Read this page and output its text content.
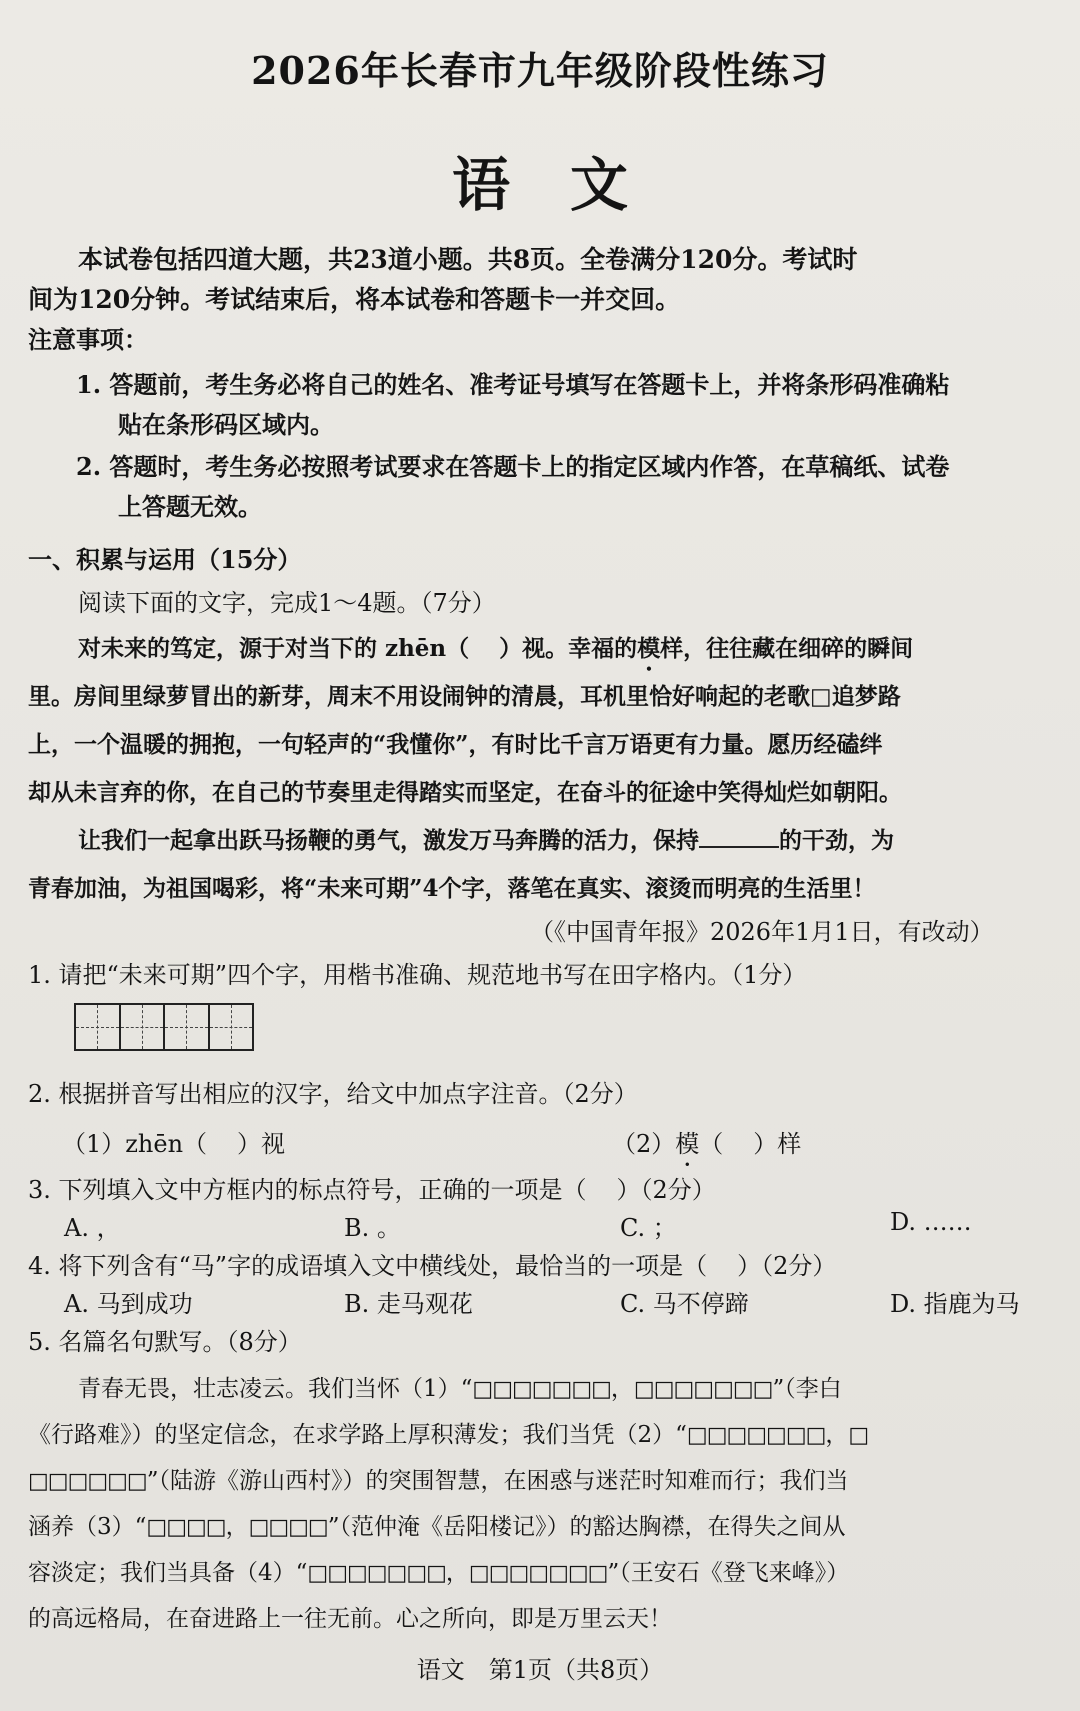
2026年长春市九年级阶段性练习
语文
本试卷包括四道大题，共23道小题。共8页。全卷满分120分。考试时
间为120分钟。考试结束后，将本试卷和答题卡一并交回。
注意事项：
1. 答题前，考生务必将自己的姓名、准考证号填写在答题卡上，并将条形码准确粘
贴在条形码区域内。
2. 答题时，考生务必按照考试要求在答题卡上的指定区域内作答，在草稿纸、试卷
上答题无效。
一、积累与运用（15分）
阅读下面的文字，完成1～4题。（7分）
对未来的笃定，源于对当下的 zhēn（ ）视。幸福的模样，往往藏在细碎的瞬间
里。房间里绿萝冒出的新芽，周末不用设闹钟的清晨，耳机里恰好响起的老歌□追梦路
上，一个温暖的拥抱，一句轻声的“我懂你”，有时比千言万语更有力量。愿历经磕绊
却从未言弃的你，在自己的节奏里走得踏实而坚定，在奋斗的征途中笑得灿烂如朝阳。
让我们一起拿出跃马扬鞭的勇气，激发万马奔腾的活力，保持	的干劲，为
青春加油，为祖国喝彩，将“未来可期”4个字，落笔在真实、滚烫而明亮的生活里！
（《中国青年报》2026年1月1日，有改动）
1. 请把“未来可期”四个字，用楷书准确、规范地书写在田字格内。（1分）
2. 根据拼音写出相应的汉字，给文中加点字注音。（2分）
（1）zhēn（ ）视	（2）模（ ）样
3. 下列填入文中方框内的标点符号，正确的一项是（ ）（2分）
A. ，	B. 。	C. ；	D. ……
4. 将下列含有“马”字的成语填入文中横线处，最恰当的一项是（ ）（2分）
A. 马到成功	B. 走马观花	C. 马不停蹄	D. 指鹿为马
5. 名篇名句默写。（8分）
青春无畏，壮志凌云。我们当怀（1）“□□□□□□□，□□□□□□□”（李白
《行路难》）的坚定信念，在求学路上厚积薄发；我们当凭（2）“□□□□□□□，□
□□□□□□”（陆游《游山西村》）的突围智慧，在困惑与迷茫时知难而行；我们当
涵养（3）“□□□□，□□□□”（范仲淹《岳阳楼记》）的豁达胸襟，在得失之间从
容淡定；我们当具备（4）“□□□□□□□，□□□□□□□”（王安石《登飞来峰》）
的高远格局，在奋进路上一往无前。心之所向，即是万里云天！
语文　第1页（共8页）
